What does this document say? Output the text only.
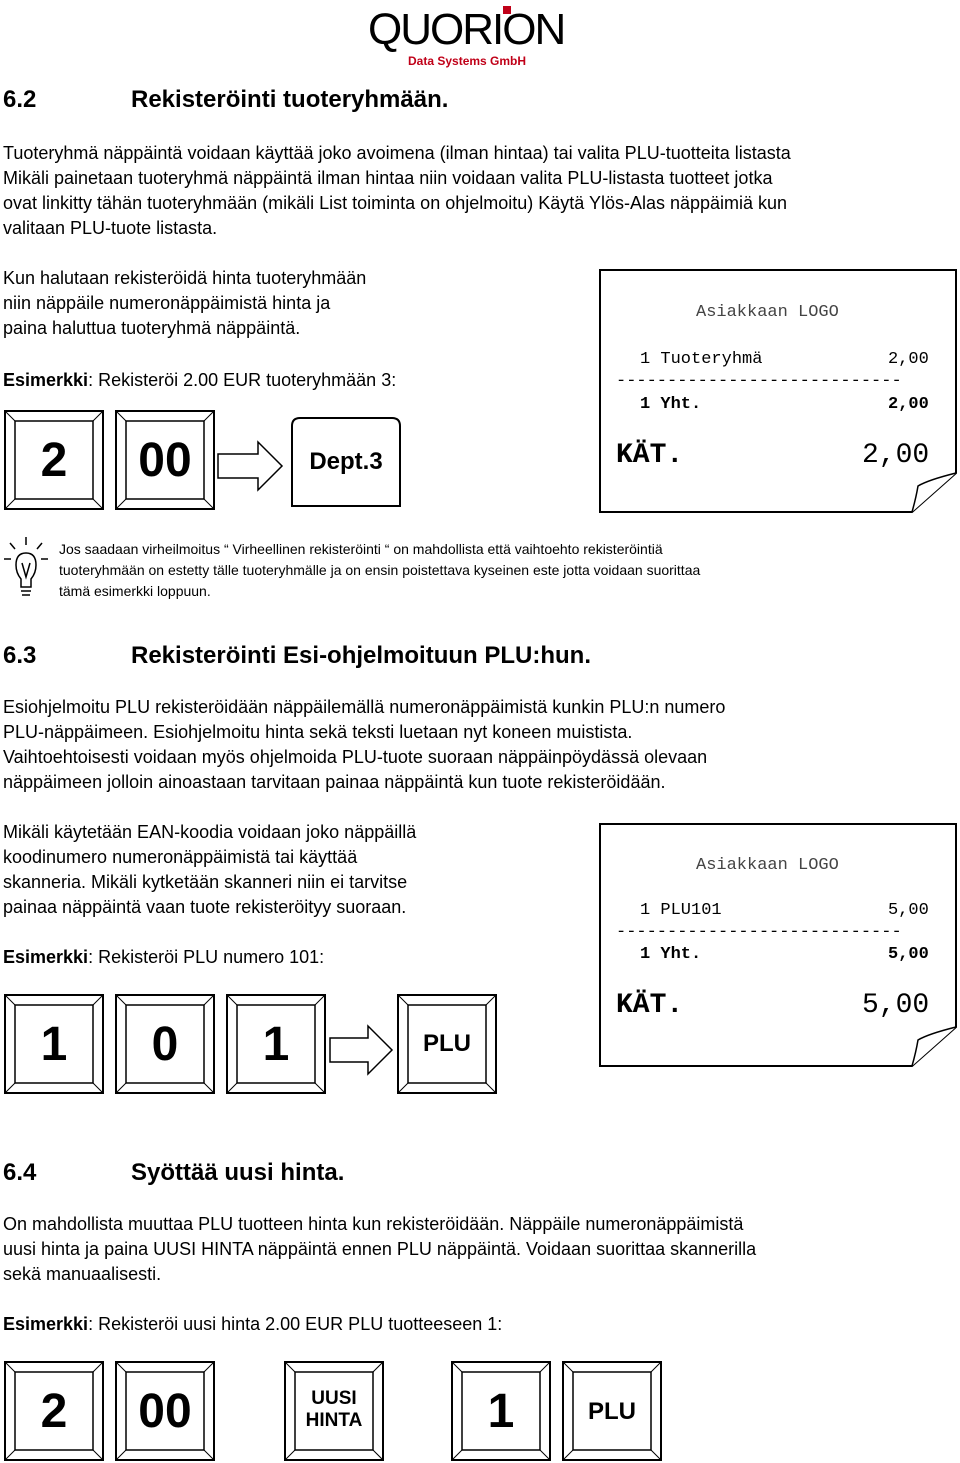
QUORION
Data Systems GmbH
6.2	Rekisteröinti tuoteryhmään.
Tuoteryhmä näppäintä voidaan käyttää joko avoimena (ilman hintaa) tai valita PLU-tuotteita listasta
Mikäli painetaan tuoteryhmä näppäintä ilman hintaa niin voidaan valita PLU-listasta tuotteet jotka
ovat linkitty tähän tuoteryhmään (mikäli List toiminta on ohjelmoitu) Käytä Ylös-Alas näppäimiä kun
valitaan PLU-tuote listasta.
Kun halutaan rekisteröidä hinta tuoteryhmään
niin näppäile numeronäppäimistä hinta ja
paina haluttua tuoteryhmä näppäintä.
Esimerkki: Rekisteröi 2.00 EUR tuoteryhmään 3:
2	00	Dept.3
Asiakkaan LOGO
1 Tuoteryhmä	2,00
----------------------------
1 Yht.	2,00
KÄT.	2,00
Jos saadaan virheilmoitus “ Virheellinen rekisteröinti “ on mahdollista että vaihtoehto rekisteröintiä
tuoteryhmään on estetty tälle tuoteryhmälle ja on ensin poistettava kyseinen este jotta voidaan suorittaa
tämä esimerkki loppuun.
6.3	Rekisteröinti Esi-ohjelmoituun PLU:hun.
Esiohjelmoitu PLU rekisteröidään näppäilemällä numeronäppäimistä kunkin PLU:n numero
PLU-näppäimeen. Esiohjelmoitu hinta sekä teksti luetaan nyt koneen muistista.
Vaihtoehtoisesti voidaan myös ohjelmoida PLU-tuote suoraan näppäinpöydässä olevaan
näppäimeen jolloin ainoastaan tarvitaan painaa näppäintä kun tuote rekisteröidään.
Mikäli käytetään EAN-koodia voidaan joko näppäillä
koodinumero numeronäppäimistä tai käyttää
skanneria. Mikäli kytketään skanneri niin ei tarvitse
painaa näppäintä vaan tuote rekisteröityy suoraan.
Esimerkki: Rekisteröi PLU numero 101:
1	0	1	PLU
Asiakkaan LOGO
1 PLU101	5,00
----------------------------
1 Yht.	5,00
KÄT.	5,00
6.4	Syöttää uusi hinta.
On mahdollista muuttaa PLU tuotteen hinta kun rekisteröidään. Näppäile numeronäppäimistä
uusi hinta ja paina UUSI HINTA näppäintä ennen PLU näppäintä. Voidaan suorittaa skannerilla
sekä manuaalisesti.
Esimerkki: Rekisteröi uusi hinta 2.00 EUR PLU tuotteeseen 1:
2	00	UUSI
HINTA	1	PLU
